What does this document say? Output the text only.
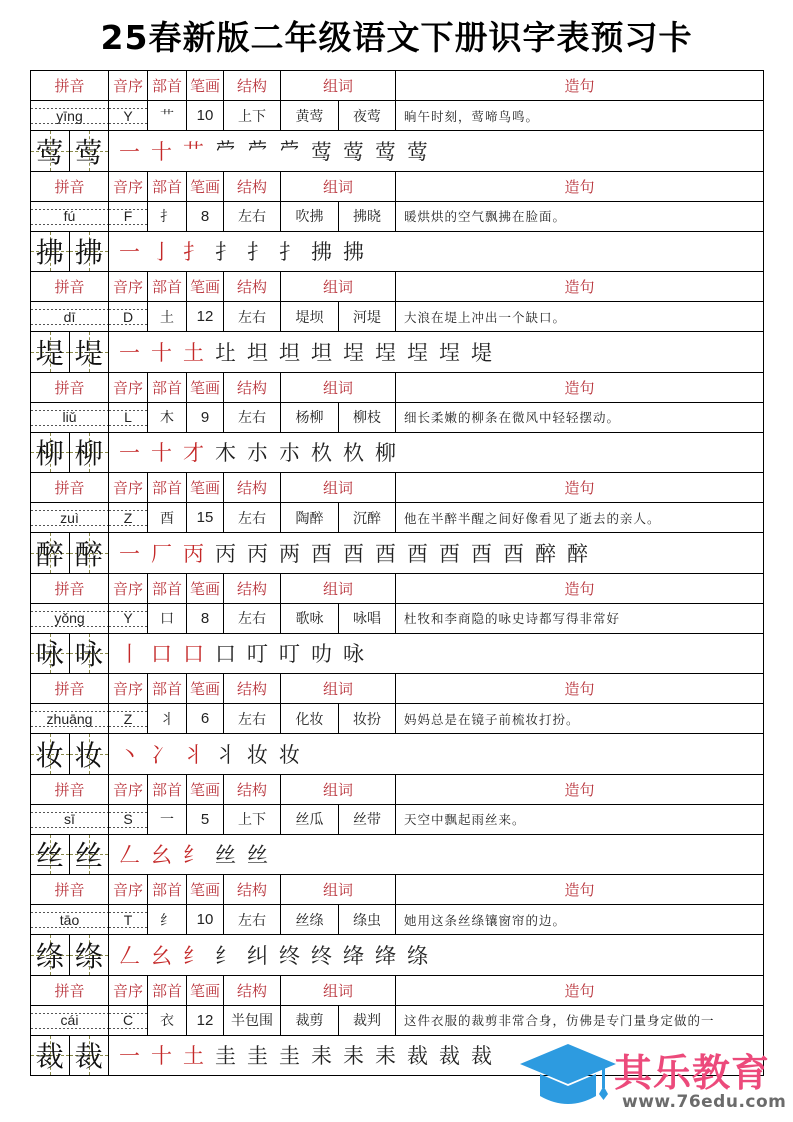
25春新版二年级语文下册识字表预习卡
拼音	音序 部首 笔画	结构	组词	造句
yīng	Y	艹	10	上下	黄莺	夜莺	晌午时刻，莺啼鸟鸣。
莺 莺 一 十 艹 𫇦 𫇦 𫇦 莺 莺 莺 莺
拼音	音序 部首 笔画	结构	组词	造句
fú	F	扌	8	左右	吹拂	拂晓	暖烘烘的空气飘拂在脸面。
拂 拂 一 亅 扌 扌 扌 扌 拂 拂
拼音	音序 部首 笔画	结构	组词	造句
dī	D	土	12	左右	堤坝	河堤	大浪在堤上冲出一个缺口。
堤 堤 一 十 土 圵 坦 坦 坦 埕 埕 埕 埕 堤
拼音	音序 部首 笔画	结构	组词	造句
liǔ	L	木	9	左右	杨柳	柳枝	细长柔嫩的柳条在微风中轻轻摆动。
柳 柳 一 十 才 木 朩 朩 杦 杦 柳
拼音	音序 部首 笔画	结构	组词	造句
zuì	Z	酉	15	左右	陶醉	沉醉	他在半醉半醒之间好像看见了逝去的亲人。
醉 醉 一 厂 丙 丙 丙 两 酉 酉 酉 酉 酉 酉 酉 醉 醉
拼音	音序 部首 笔画	结构	组词	造句
yǒng	Y	口	8	左右	歌咏	咏唱	杜牧和李商隐的咏史诗都写得非常好
咏 咏 丨 口 口 口 叮 叮 叻 咏
拼音	音序 部首 笔画	结构	组词	造句
zhuāng	Z	丬	6	左右	化妆	妆扮	妈妈总是在镜子前梳妆打扮。
妆 妆 丶 冫 丬 丬 妆 妆
拼音	音序 部首 笔画	结构	组词	造句
sī	S	一	5	上下	丝瓜	丝带	天空中飘起雨丝来。
丝 丝 𠃋 幺 纟 丝 丝
拼音	音序 部首 笔画	结构	组词	造句
tāo	T	纟	10	左右	丝绦	绦虫	她用这条丝绦镶窗帘的边。
绦 绦 𠃋 幺 纟 纟 纠 终 终 绛 绛 绦
拼音	音序 部首 笔画	结构	组词	造句
cái	C	衣	12	半包围	裁剪	裁判	这件衣服的裁剪非常合身，仿佛是专门量身定做的一
裁 裁 一 十 土 圭 圭 圭 耒 耒 耒 裁 裁 裁	其乐教育
www.76edu.com
